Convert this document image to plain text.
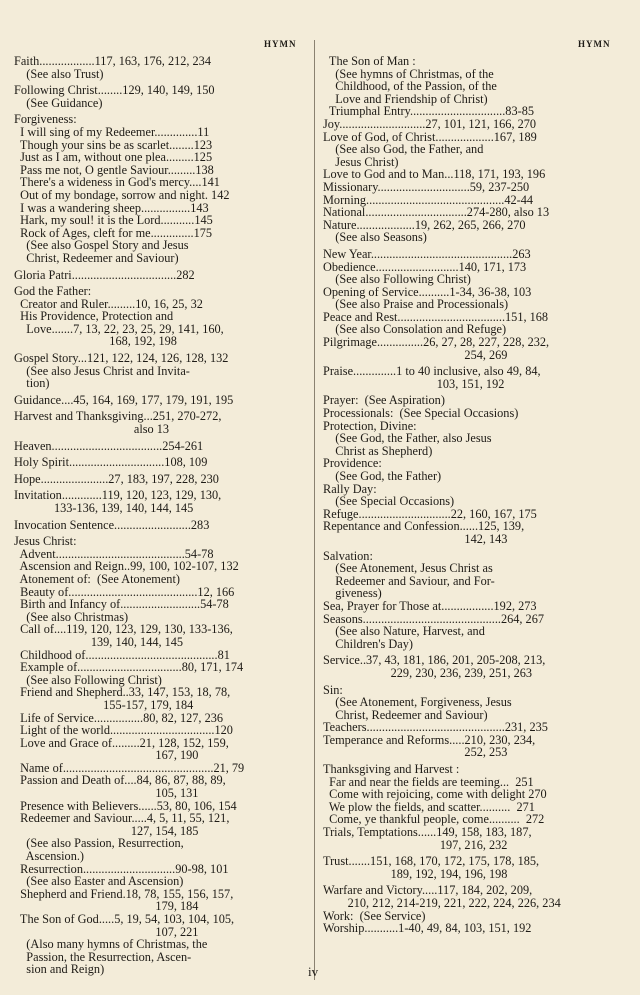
HYMN	HYMN
Faith..................117, 163, 176, 212, 234
(See also Trust)
Following Christ........129, 140, 149, 150
(See Guidance)
Forgiveness:
I will sing of my Redeemer..............11
Though your sins be as scarlet........123
Just as I am, without one plea.........125
Pass me not, O gentle Saviour.........138
There's a wideness in God's mercy....141
Out of my bondage, sorrow and night. 142
I was a wandering sheep................143
Hark, my soul! it is the Lord...........145
Rock of Ages, cleft for me..............175
(See also Gospel Story and Jesus
Christ, Redeemer and Saviour)
Gloria Patri..................................282
God the Father:
Creator and Ruler.........10, 16, 25, 32
His Providence, Protection and
Love.......7, 13, 22, 23, 25, 29, 141, 160,
168, 192, 198
Gospel Story...121, 122, 124, 126, 128, 132
(See also Jesus Christ and Invita-
tion)
Guidance....45, 164, 169, 177, 179, 191, 195
Harvest and Thanksgiving...251, 270-272,
also 13
Heaven....................................254-261
Holy Spirit...............................108, 109
Hope......................27, 183, 197, 228, 230
Invitation.............119, 120, 123, 129, 130,
133-136, 139, 140, 144, 145
Invocation Sentence.........................283
Jesus Christ:
Advent..........................................54-78
Ascension and Reign..99, 100, 102-107, 132
Atonement of:  (See Atonement)
Beauty of..........................................12, 166
Birth and Infancy of..........................54-78
(See also Christmas)
Call of....119, 120, 123, 129, 130, 133-136,
139, 140, 144, 145
Childhood of...........................................81
Example of..................................80, 171, 174
(See also Following Christ)
Friend and Shepherd..33, 147, 153, 18, 78,
155-157, 179, 184
Life of Service................80, 82, 127, 236
Light of the world..................................120
Love and Grace of.........21, 128, 152, 159,
167, 190
Name of.................................................21, 79
Passion and Death of....84, 86, 87, 88, 89,
105, 131
Presence with Believers......53, 80, 106, 154
Redeemer and Saviour.....4, 5, 11, 55, 121,
127, 154, 185
(See also Passion, Resurrection,
Ascension.)
Resurrection..............................90-98, 101
(See also Easter and Ascension)
Shepherd and Friend.18, 78, 155, 156, 157,
179, 184
The Son of God.....5, 19, 54, 103, 104, 105,
107, 221
(Also many hymns of Christmas, the
Passion, the Resurrection, Ascen-
sion and Reign)
The Son of Man :
(See hymns of Christmas, of the
Childhood, of the Passion, of the
Love and Friendship of Christ)
Triumphal Entry...............................83-85
Joy............................27, 101, 121, 166, 270
Love of God, of Christ...................167, 189
(See also God, the Father, and
Jesus Christ)
Love to God and to Man...118, 171, 193, 196
Missionary..............................59, 237-250
Morning.............................................42-44
National.................................274-280, also 13
Nature...................19, 262, 265, 266, 270
(See also Seasons)
New Year..............................................263
Obedience...........................140, 171, 173
(See also Following Christ)
Opening of Service..........1-34, 36-38, 103
(See also Praise and Processionals)
Peace and Rest...................................151, 168
(See also Consolation and Refuge)
Pilgrimage...............26, 27, 28, 227, 228, 232,
254, 269
Praise..............1 to 40 inclusive, also 49, 84,
103, 151, 192
Prayer:  (See Aspiration)
Processionals:  (See Special Occasions)
Protection, Divine:
(See God, the Father, also Jesus
Christ as Shepherd)
Providence:
(See God, the Father)
Rally Day:
(See Special Occasions)
Refuge..............................22, 160, 167, 175
Repentance and Confession......125, 139,
142, 143
Salvation:
(See Atonement, Jesus Christ as
Redeemer and Saviour, and For-
giveness)
Sea, Prayer for Those at.................192, 273
Seasons.............................................264, 267
(See also Nature, Harvest, and
Children's Day)
Service..37, 43, 181, 186, 201, 205-208, 213,
229, 230, 236, 239, 251, 263
Sin:
(See Atonement, Forgiveness, Jesus
Christ, Redeemer and Saviour)
Teachers.............................................231, 235
Temperance and Reforms.....210, 230, 234,
252, 253
Thanksgiving and Harvest :
Far and near the fields are teeming...  251
Come with rejoicing, come with delight 270
We plow the fields, and scatter..........  271
Come, ye thankful people, come..........  272
Trials, Temptations......149, 158, 183, 187,
197, 216, 232
Trust.......151, 168, 170, 172, 175, 178, 185,
189, 192, 194, 196, 198
Warfare and Victory.....117, 184, 202, 209,
210, 212, 214-219, 221, 222, 224, 226, 234
Work:  (See Service)
Worship...........1-40, 49, 84, 103, 151, 192
iv
